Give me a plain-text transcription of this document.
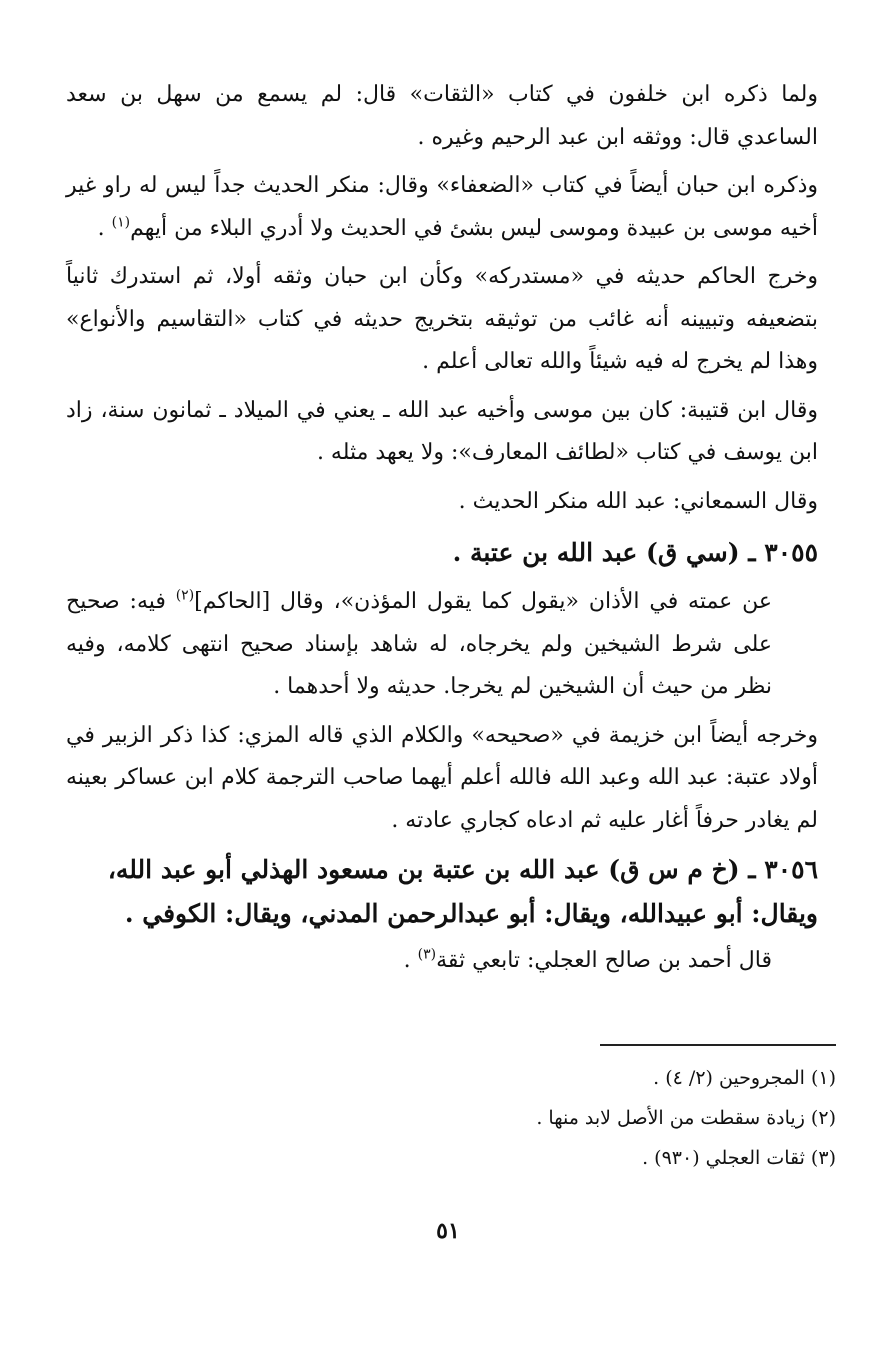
ولما ذكره ابن خلفون في كتاب «الثقات» قال: لم يسمع من سهل بن سعد الساعدي قال: ووثقه ابن عبد الرحيم وغيره .

وذكره ابن حبان أيضاً في كتاب «الضعفاء» وقال: منكر الحديث جداً ليس له راو غير أخيه موسى بن عبيدة وموسى ليس بشئ في الحديث ولا أدري البلاء من أيهم$^{(١)}$ .

وخرج الحاكم حديثه في «مستدركه» وكأن ابن حبان وثقه أولا، ثم استدرك ثانياً بتضعيفه وتبيينه أنه غائب من توثيقه بتخريج حديثه في كتاب «التقاسيم والأنواع» وهذا لم يخرج له فيه شيئاً والله تعالى أعلم .

وقال ابن قتيبة: كان بين موسى وأخيه عبد الله ـ يعني في الميلاد ـ ثمانون سنة، زاد ابن يوسف في كتاب «لطائف المعارف»: ولا يعهد مثله .

وقال السمعاني: عبد الله منكر الحديث .

٣٠٥٥ ـ (سي ق) عبد الله بن عتبة .

عن عمته في الأذان «يقول كما يقول المؤذن»، وقال [الحاكم]$^{(٢)}$ فيه: صحيح على شرط الشيخين ولم يخرجاه، له شاهد بإسناد صحيح انتهى كلامه، وفيه نظر من حيث أن الشيخين لم يخرجا. حديثه ولا أحدهما .

وخرجه أيضاً ابن خزيمة في «صحيحه» والكلام الذي قاله المزي: كذا ذكر الزبير في أولاد عتبة: عبد الله وعبد الله فالله أعلم أيهما صاحب الترجمة كلام ابن عساكر بعينه لم يغادر حرفاً أغار عليه ثم ادعاه كجاري عادته .

٣٠٥٦ ـ (خ م س ق) عبد الله بن عتبة بن مسعود الهذلي أبو عبد الله،
ويقال: أبو عبيدالله، ويقال: أبو عبدالرحمن المدني، ويقال: الكوفي .

قال أحمد بن صالح العجلي: تابعي ثقة$^{(٣)}$ .

(١) المجروحين (٢/ ٤) .
(٢) زيادة سقطت من الأصل لابد منها .
(٣) ثقات العجلي (٩٣٠) .
٥١
